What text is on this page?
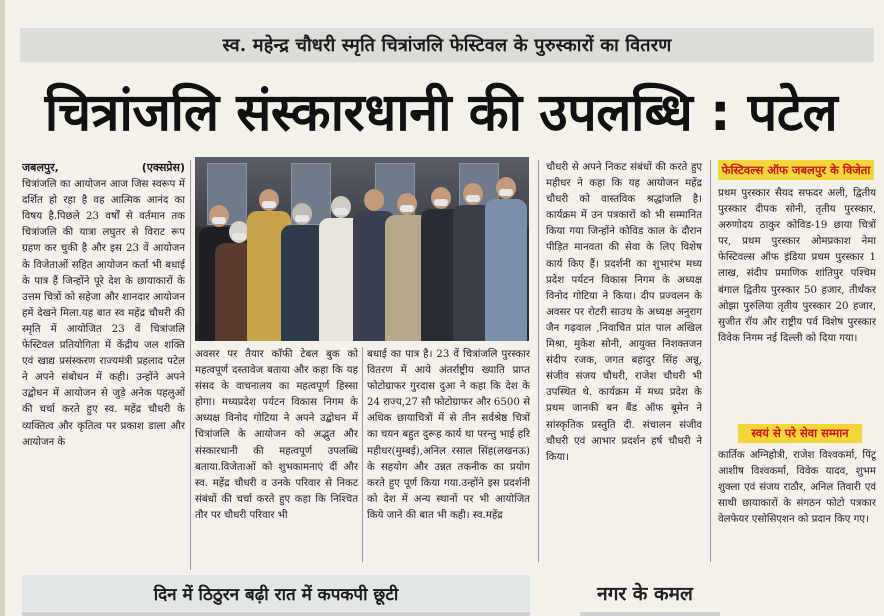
स्व. महेन्द्र चौधरी स्मृति चित्रांजलि फेस्टिवल के पुरुस्कारों का वितरण
चित्रांजलि संस्कारधानी की उपलब्धि : पटेल
जबलपुर,	(एक्सप्रेस)

चित्रांजलि का आयोजन आज जिस स्वरूप में दर्शित हो रहा है वह आत्मिक आनंद का विषय है.पिछले 23 वर्षों से वर्तमान तक चित्रांजलि की यात्रा लघुतर से विराट रूप ग्रहण कर चुकी है और इस 23 वें आयोजन के विजेताओं सहित आयोजन कर्ता भी बधाई के पात्र हैं जिन्होंने पूरे देश के छायाकारों के उत्तम चित्रों को सहेजा और शानदार आयोजन हमें देखने मिला.यह बात स्व महेंद्र चौधरी की स्मृति में आयोजित 23 वें चित्रांजलि फेस्टिवल प्रतियोगिता में केंद्रीय जल शक्ति एवं खाद्य प्रसंस्करण राज्यमंत्री प्रहलाद पटेल ने अपने संबोधन में कही। उन्होंने अपने उद्बोधन में आयोजन से जुड़े अनेक पहलुओं की चर्चा करते हुए स्व. महेंद्र चौधरी के व्यक्तित्व और कृतित्व पर प्रकाश डाला और आयोजन के

अवसर पर तैयार कॉफी टेबल बुक को महत्वपूर्ण दस्तावेज बताया और कहा कि यह संसद के वाचनालय का महत्वपूर्ण हिस्सा होगा। मध्यप्रदेश पर्यटन विकास निगम के अध्यक्ष विनोद गोटिया ने अपने उद्बोधन में चित्रांजलि के आयोजन को अद्भुत और संस्कारधानी की महत्वपूर्ण उपलब्धि बताया.विजेताओं को शुभकामनाएं दीं और स्व. महेंद्र चौधरी व उनके परिवार से निकट संबंधों की चर्चा करते हुए कहा कि निश्चित तौर पर चौधरी परिवार भी

बधाई का पात्र है। 23 वें चित्रांजलि पुरस्कार वितरण में आये अंतर्राष्ट्रीय ख्याति प्राप्त फोटोग्राफर गुरदास दुआ ने कहा कि देश के 24 राज्य,27 सौ फोटोग्राफर और 6500 से अधिक छायाचित्रों में से तीन सर्वश्रेष्ठ चित्रों का चयन बहुत दुरूह कार्य था परन्तु भाई हरि महीधर(मुम्बई),अनिल रसाल सिंह(लखनऊ) के सहयोग और उन्नत तकनीक का प्रयोग करते हुए पूर्ण किया गया.उन्होंने इस प्रदर्शनी को देश में अन्य स्थानों पर भी आयोजित किये जाने की बात भी कही। स्व.महेंद्र

चौधरी से अपने निकट संबंधों की करते हुए महीधर ने कहा कि यह आयोजन महेंद्र चौधरी को वास्तविक श्रद्धांजलि है। कार्यक्रम में उन पत्रकारों को भी सम्मानित किया गया जिन्होंने कोविड काल के दौरान पीड़ित मानवता की सेवा के लिए विशेष कार्य किए हैं। प्रदर्शनी का शुभारंभ मध्य प्रदेश पर्यटन विकास निगम के अध्यक्ष विनोद गोटिया ने किया। दीप प्रज्वलन के अवसर पर रोटरी साउथ के अध्यक्ष अनुराग जैन गढ़वाल ,निवाचित प्रांत पाल अखिल मिश्रा, मुकेश सोनी, आयुक्त निशक्तजन संदीप रजक, जगत बहादुर सिंह अन्नू, संजीव संजय चौधरी, राजेश चौधरी भी उपस्थित थे. कार्यक्रम में मध्य प्रदेश के प्रथम जानकी बन बैंड ऑफ बूमेन ने सांस्कृतिक प्रस्तुति दी. संचालन संजीव चौधरी एवं आभार प्रदर्शन हर्ष चौधरी ने किया।

फेस्टिवल्स ऑफ जबलपुर के विजेता

प्रथम पुरस्कार सैयद सफदर अली, द्वितीय पुरस्कार दीपक सोनी, तृतीय पुरस्कार, अरुणोदय ठाकुर कोविड-19 छाया चित्रों पर, प्रथम पुरस्कार ओमप्रकाश नेमा फेस्टिवल्स ऑफ इंडिया प्रथम पुरस्कार 1 लाख, संदीप प्रमाणिक शांतिपुर पश्चिम बंगाल द्वितीय पुरस्कार 50 हजार, तीर्थंकर ओझा पुरुलिया तृतीय पुरस्कार 20 हजार, सुजीत रॉय और राष्ट्रीय पर्व विशेष पुरस्कार विवेक निगम नई दिल्ली को दिया गया।

स्वयं से परे सेवा सम्मान

कार्तिक अग्निहोत्री, राजेश विश्वकर्मा, पिंटू आशीष विश्वकर्मा, विवेक यादव, शुभम शुक्ला एवं संजय राठौर, अनिल तिवारी एवं साथी छायाकारों के संगठन फोटो पत्रकार वेलफेयर एसोसिएशन को प्रदान किए गए।

दिन में ठिठुरन बढ़ी रात में कपकपी छूटी	नगर के कमल
